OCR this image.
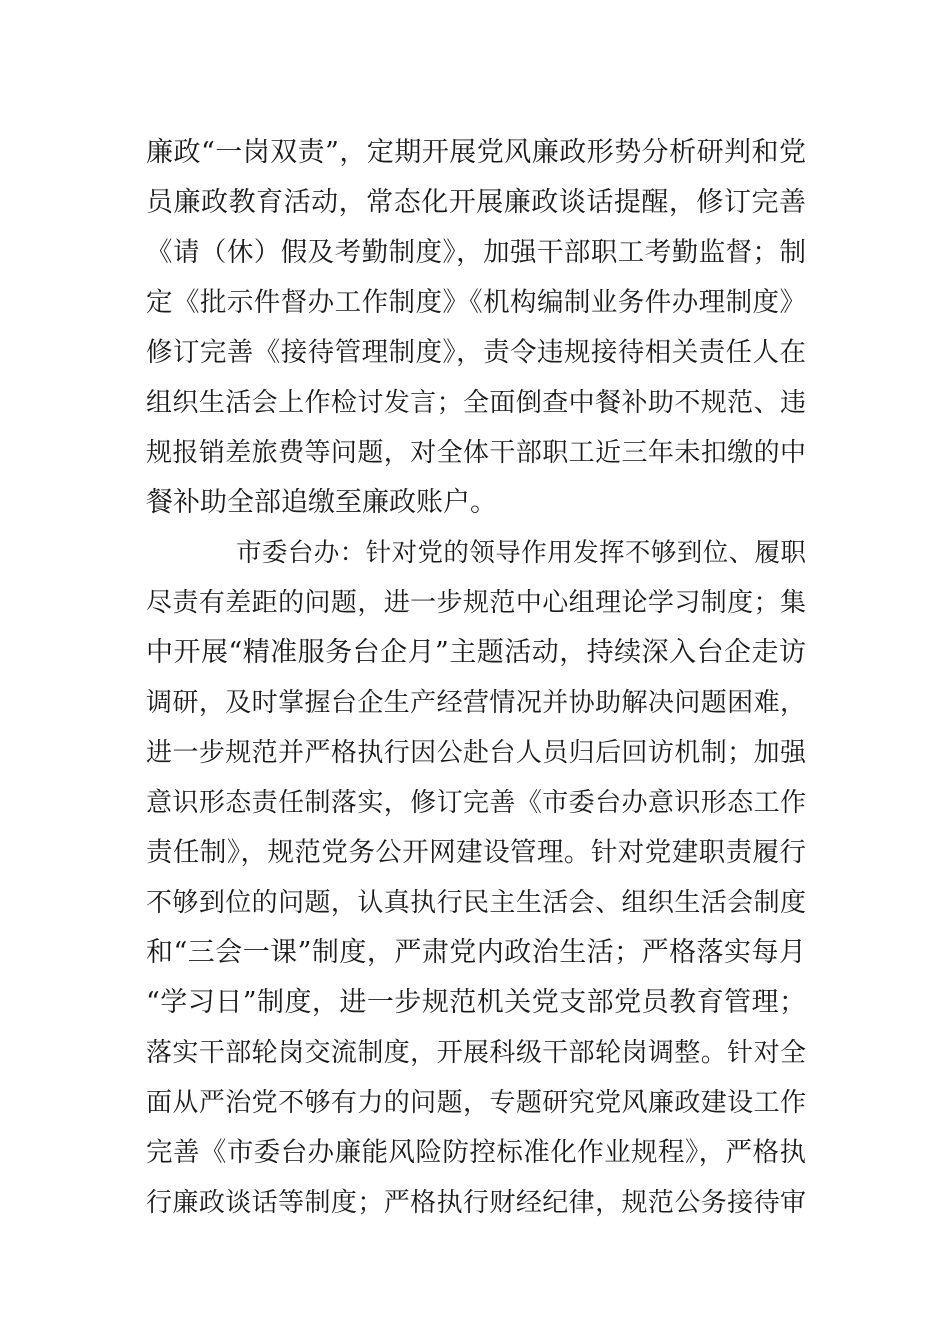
廉政“一岗双责”，定期开展党风廉政形势分析研判和党
员廉政教育活动，常态化开展廉政谈话提醒，修订完善
《请（休）假及考勤制度》，加强干部职工考勤监督；制
定《批示件督办工作制度》《机构编制业务件办理制度》
修订完善《接待管理制度》，责令违规接待相关责任人在
组织生活会上作检讨发言；全面倒查中餐补助不规范、违
规报销差旅费等问题，对全体干部职工近三年未扣缴的中
餐补助全部追缴至廉政账户。
市委台办：针对党的领导作用发挥不够到位、履职
尽责有差距的问题，进一步规范中心组理论学习制度；集
中开展“精准服务台企月”主题活动，持续深入台企走访
调研，及时掌握台企生产经营情况并协助解决问题困难，
进一步规范并严格执行因公赴台人员归后回访机制；加强
意识形态责任制落实，修订完善《市委台办意识形态工作
责任制》，规范党务公开网建设管理。针对党建职责履行
不够到位的问题，认真执行民主生活会、组织生活会制度
和“三会一课”制度，严肃党内政治生活；严格落实每月
“学习日”制度，进一步规范机关党支部党员教育管理；
落实干部轮岗交流制度，开展科级干部轮岗调整。针对全
面从严治党不够有力的问题，专题研究党风廉政建设工作
完善《市委台办廉能风险防控标准化作业规程》，严格执
行廉政谈话等制度；严格执行财经纪律，规范公务接待审
